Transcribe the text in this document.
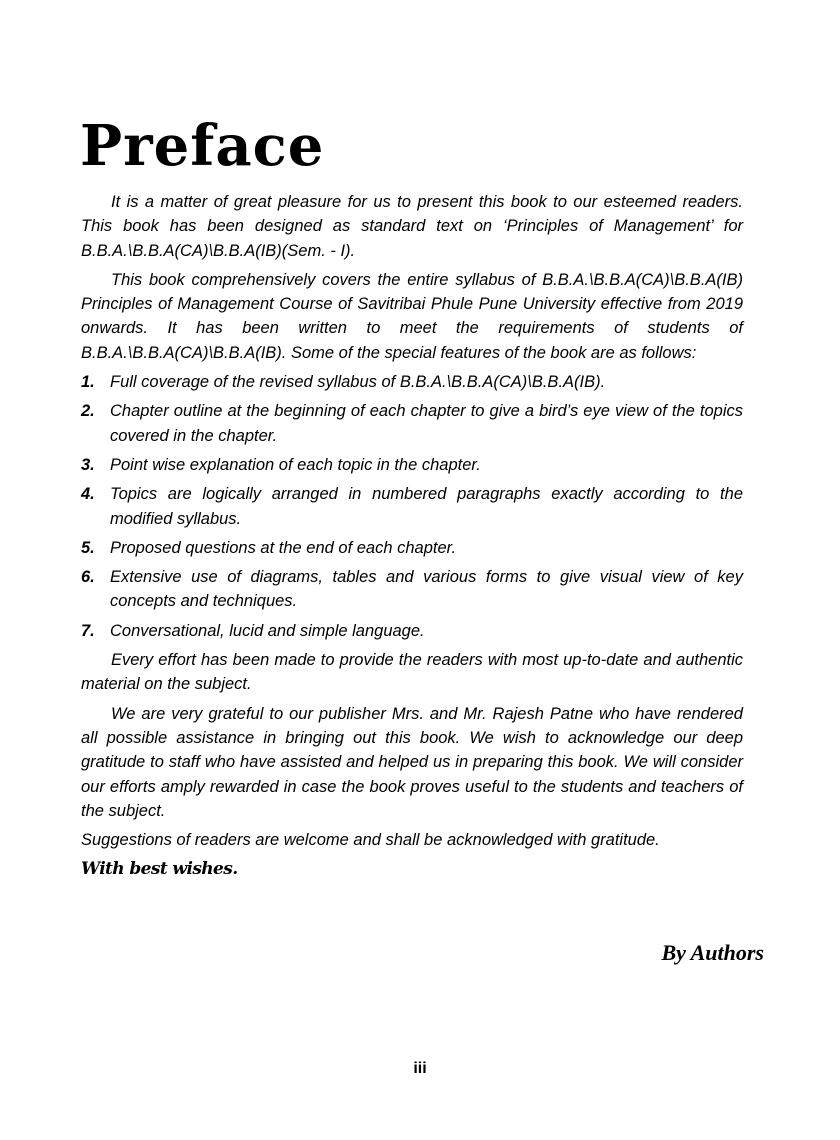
Preface

It is a matter of great pleasure for us to present this book to our esteemed readers. This book has been designed as standard text on ‘Principles of Management’ for B.B.A.\B.B.A(CA)\B.B.A(IB)(Sem. - I).

This book comprehensively covers the entire syllabus of B.B.A.\B.B.A(CA)\B.B.A(IB) Principles of Management Course of Savitribai Phule Pune University effective from 2019 onwards. It has been written to meet the requirements of students of B.B.A.\B.B.A(CA)\B.B.A(IB). Some of the special features of the book are as follows:

1. Full coverage of the revised syllabus of B.B.A.\B.B.A(CA)\B.B.A(IB).
2. Chapter outline at the beginning of each chapter to give a bird’s eye view of the topics covered in the chapter.
3. Point wise explanation of each topic in the chapter.
4. Topics are logically arranged in numbered paragraphs exactly according to the modified syllabus.
5. Proposed questions at the end of each chapter.
6. Extensive use of diagrams, tables and various forms to give visual view of key concepts and techniques.
7. Conversational, lucid and simple language.

Every effort has been made to provide the readers with most up-to-date and authentic material on the subject.

We are very grateful to our publisher Mrs. and Mr. Rajesh Patne who have rendered all possible assistance in bringing out this book. We wish to acknowledge our deep gratitude to staff who have assisted and helped us in preparing this book. We will consider our efforts amply rewarded in case the book proves useful to the students and teachers of the subject.

Suggestions of readers are welcome and shall be acknowledged with gratitude.

With best wishes.

By Authors
iii
